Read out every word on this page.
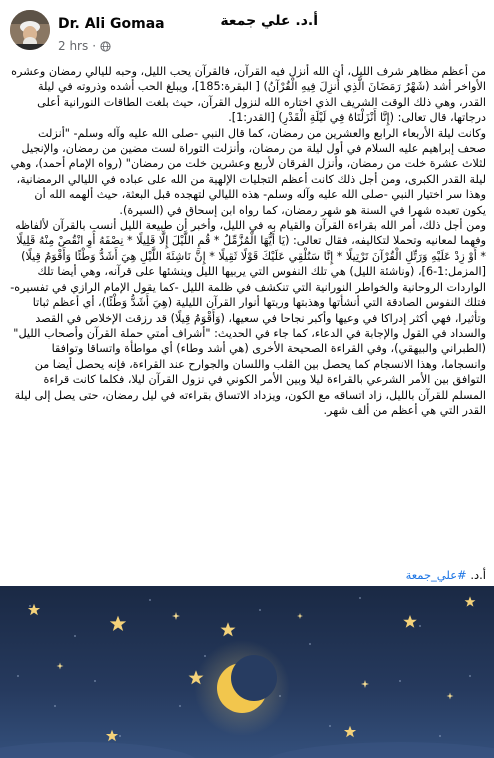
Dr. Ali Gomaa	أ.د. علي جمعة
2 hrs ·

من أعظم مظاهر شرف الليل، أن الله أنزل فيه القرآن، فالقرآن يحب الليل، وحبه لليالي رمضان وعشره الأواخر أشد (شَهْرُ رَمَضَانَ الَّذِي أُنزِلَ فِيهِ الْقُرْآنُ) [ البقرة:185]، ويبلغ الحب أشده وذروته في ليلة القدر، وهي ذلك الوقت الشريف الذي اختاره الله لنزول القرآن، حيث بلغت الطاقات النورانية أعلى درجاتها، قال تعالى: (إِنَّا أَنْزَلْنَاهُ فِي لَيْلَةِ الْقَدْرِ) [القدر:1].

وكانت ليلة الأربعاء الرابع والعشرين من رمضان، كما قال النبي -صلى الله عليه وآله وسلم- "أنزلت صحف إبراهيم عليه السلام في أول ليلة من رمضان، وأنزلت التوراة لست مضين من رمضان، والإنجيل لثلاث عشرة خلت من رمضان، وأنزل الفرقان لأربع وعشرين خلت من رمضان" (رواه الإمام أحمد)، وهي ليلة القدر الكبرى، ومن أجل ذلك كانت أعظم التجليات الإلهية من الله على عباده في الليالي الرمضانية، وهذا سر اختيار النبي -صلى الله عليه وآله وسلم- هذه الليالي لتهجده قبل البعثة، حيث ألهمه الله أن يكون تعبده شهرا في السنة هو شهر رمضان، كما رواه ابن إسحاق في (السيرة).

ومن أجل ذلك، أمر الله بقراءة القرآن والقيام به في الليل، وأخبر أن طبيعة الليل أنسب بالقرآن لألفاظه وفهما لمعانيه وتحملا لتكاليفه، فقال تعالى: (يَا أَيُّهَا الْمُزَّمِّلُ * قُمِ اللَّيْلَ إِلَّا قَلِيلًا * نِصْفَهُ أَوِ انْقُصْ مِنْهُ قَلِيلًا * أَوْ زِدْ عَلَيْهِ وَرَتِّلِ الْقُرْآنَ تَرْتِيلًا * إِنَّا سَنُلْقِي عَلَيْكَ قَوْلًا ثَقِيلًا * إِنَّ نَاشِئَةَ اللَّيْلِ هِيَ أَشَدُّ وَطْئًا وَأَقْوَمُ قِيلًا) [المزمل:1-6]، (وناشئة الليل) هي تلك النفوس التي يربيها الليل وينشئها على قرآنه، وهي أيضا تلك الواردات الروحانية والخواطر النورانية التي تنكشف في ظلمة الليل -كما يقول الإمام الرازي في تفسيره- فتلك النفوس الصادقة التي أنشأتها وهذبتها وربتها أنوار القرآن الليلية (هِيَ أَشَدُّ وَطْئًا)، أي أعظم ثباتا وتأثيرا، فهي أكثر إدراكا في وعيها وأكبر نجاحا في سعيها، (وَأَقْوَمُ قِيلًا) قد رزقت الإخلاص في القصد والسداد في القول والإجابة في الدعاء، كما جاء في الحديث: "أشراف أمتي حملة القرآن وأصحاب الليل" (الطبراني والبيهقي)، وفي القراءة الصحيحة الأخرى (هي أشد وطاء) أي مواطأة واتساقا وتوافقا وانسجاما، وهذا الانسجام كما يحصل بين القلب واللسان والجوارح عند القراءة، فإنه يحصل أيضا من التوافق بين الأمر الشرعي بالقراءة ليلا وبين الأمر الكوني في نزول القرآن ليلا، فكلما كانت قراءة المسلم للقرآن بالليل، زاد اتساقه مع الكون، ويزداد الاتساق بقراءته في ليل رمضان، حتى يصل إلى ليلة القدر التي هي أعظم من ألف شهر.

أ.د. #علي_جمعة
